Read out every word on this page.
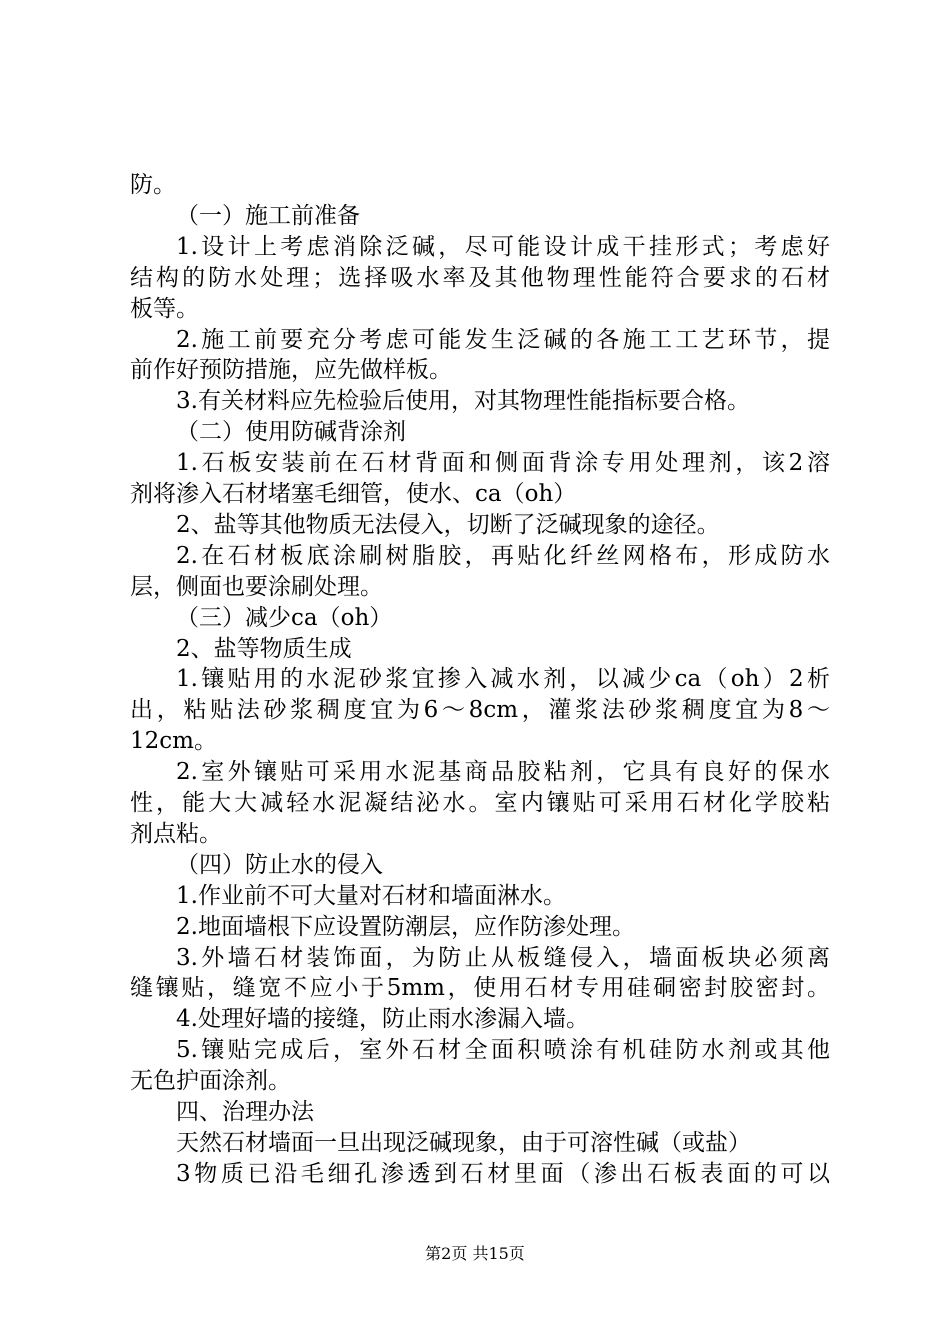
防。
（一）施工前准备
1.设计上考虑消除泛碱，尽可能设计成干挂形式；考虑好
结构的防水处理；选择吸水率及其他物理性能符合要求的石材
板等。
2.施工前要充分考虑可能发生泛碱的各施工工艺环节，提
前作好预防措施，应先做样板。
3.有关材料应先检验后使用，对其物理性能指标要合格。
（二）使用防碱背涂剂
1.石板安装前在石材背面和侧面背涂专用处理剂，该2溶
剂将渗入石材堵塞毛细管，使水、ca（oh）
2、盐等其他物质无法侵入，切断了泛碱现象的途径。
2.在石材板底涂刷树脂胶，再贴化纤丝网格布，形成防水
层，侧面也要涂刷处理。
（三）减少ca（oh）
2、盐等物质生成
1.镶贴用的水泥砂浆宜掺入减水剂，以减少ca（oh）2析
出，粘贴法砂浆稠度宜为6～8cm，灌浆法砂浆稠度宜为8～
12cm。
2.室外镶贴可采用水泥基商品胶粘剂，它具有良好的保水
性，能大大减轻水泥凝结泌水。室内镶贴可采用石材化学胶粘
剂点粘。
（四）防止水的侵入
1.作业前不可大量对石材和墙面淋水。
2.地面墙根下应设置防潮层，应作防渗处理。
3.外墙石材装饰面，为防止从板缝侵入，墙面板块必须离
缝镶贴，缝宽不应小于5mm，使用石材专用硅硐密封胶密封。
4.处理好墙的接缝，防止雨水渗漏入墙。
5.镶贴完成后，室外石材全面积喷涂有机硅防水剂或其他
无色护面涂剂。
四、治理办法
天然石材墙面一旦出现泛碱现象，由于可溶性碱（或盐）
3物质已沿毛细孔渗透到石材里面（渗出石板表面的可以
第2页 共15页
